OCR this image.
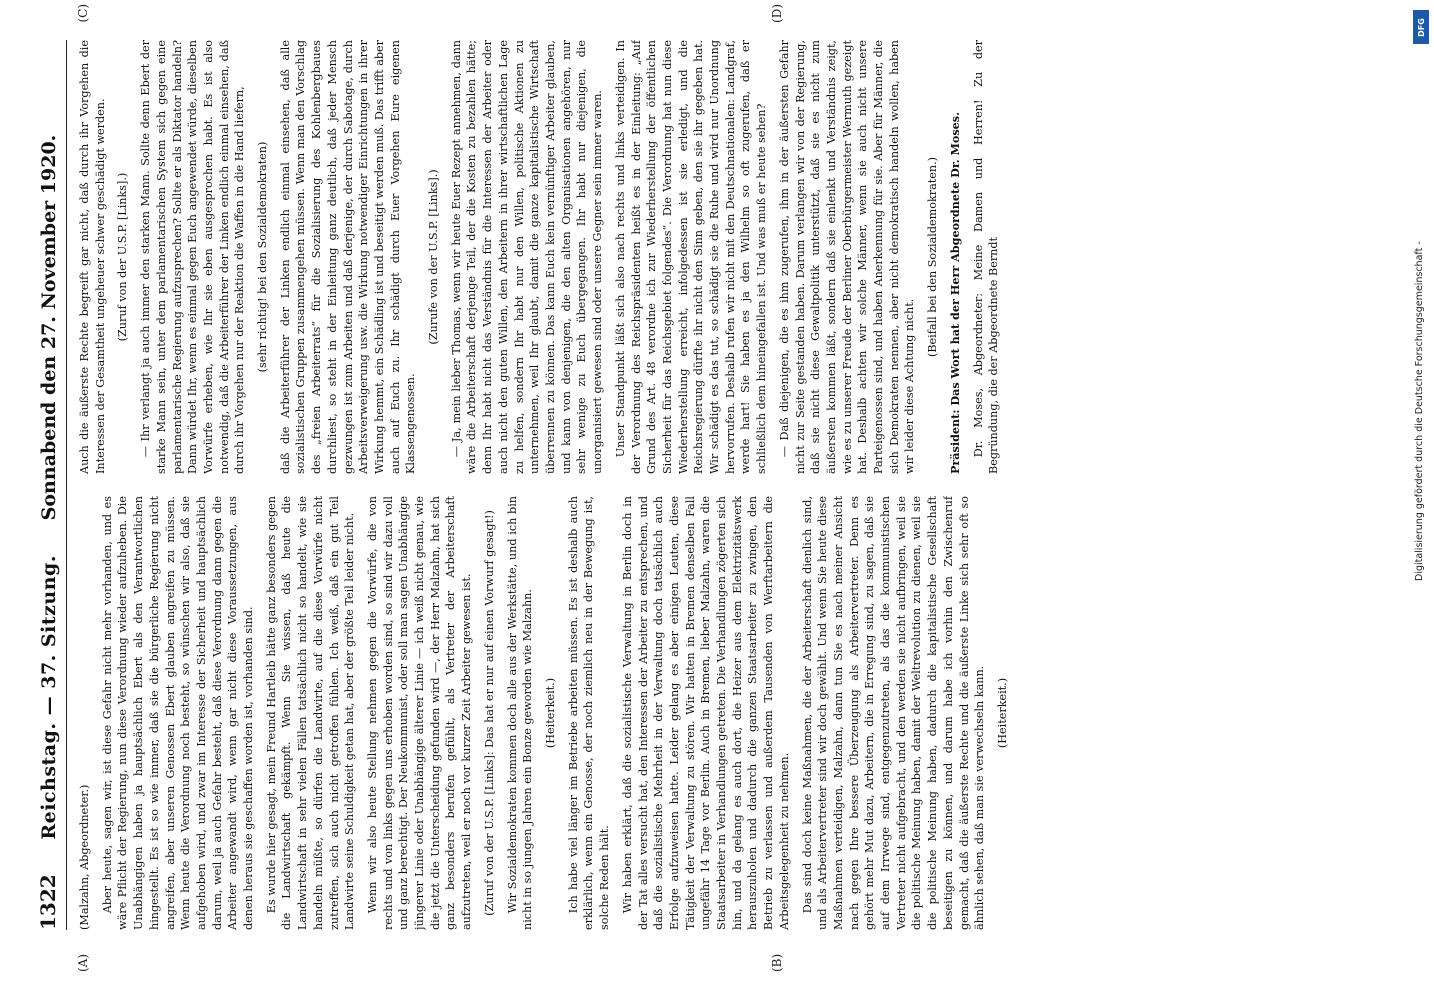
1322
Reichstag. — 37. Sitzung.
Sonnabend den 27. November 1920.
(A)	(B)
(C)	(D)

(Malzahn, Abgeordneter.) Aber heute, sagen wir, ist diese Gefahr nicht mehr vorhanden, und es wäre Pflicht der Regierung, nun diese Verordnung wieder aufzuheben. Die Unabhängigen haben ja hauptsächlich Ebert als den Verantwortlichen hingestellt. Es ist so wie immer, daß sie die bürgerliche Regierung nicht angreifen, aber unseren Genossen Ebert glauben angreifen zu müssen. Wenn heute die Verordnung noch besteht, so wünschen wir also, daß sie aufgehoben wird, und zwar im Interesse der Sicherheit und hauptsächlich darum, weil ja auch Gefahr besteht, daß diese Verordnung dann gegen die Arbeiter angewandt wird, wenn gar nicht diese Voraussetzungen, aus denen heraus sie geschaffen worden ist, vorhanden sind. Es wurde hier gesagt, mein Freund Hartleib hätte ganz besonders gegen die Landwirtschaft gekämpft. Wenn Sie wissen, daß heute die Landwirtschaft in sehr vielen Fällen tatsächlich nicht so handelt, wie sie handeln müßte, so dürfen die Landwirte, auf die diese Vorwürfe nicht zutreffen, sich auch nicht getroffen fühlen. Ich weiß, daß ein gut Teil Landwirte seine Schuldigkeit getan hat, aber der größte Teil leider nicht. Wenn wir also heute Stellung nehmen gegen die Vorwürfe, die von rechts und von links gegen uns erhoben worden sind, so sind wir dazu voll und ganz berechtigt. Der Neukommunist, oder soll man sagen Unabhängige jüngerer Linie oder Unabhängige älterer Linie — ich weiß nicht genau, wie die jetzt die Unterscheidung gefunden wird —, der Herr Malzahn, hat sich ganz besonders berufen gefühlt, als Vertreter der Arbeiterschaft aufzutreten, weil er noch vor kurzer Zeit Arbeiter gewesen ist. (Zuruf von der U.S.P. [Links]: Das hat er nur auf einen Vorwurf gesagt!) Wir Sozialdemokraten kommen doch alle aus der Werkstätte, und ich bin nicht in so jungen Jahren ein Bonze geworden wie Malzahn. (Heiterkeit.) Ich habe viel länger im Betriebe arbeiten müssen. Es ist deshalb auch erklärlich, wenn ein Genosse, der noch ziemlich neu in der Bewegung ist, solche Reden hält. Wir haben erklärt, daß die sozialistische Verwaltung in Berlin doch in der Tat alles versucht hat, den Interessen der Arbeiter zu entsprechen, und daß die sozialistische Mehrheit in der Verwaltung doch tatsächlich auch Erfolge aufzuweisen hatte. Leider gelang es aber einigen Leuten, diese Tätigkeit der Verwaltung zu stören. Wir hatten in Bremen denselben Fall ungefähr 14 Tage vor Berlin. Auch in Bremen, lieber Malzahn, waren die Staatsarbeiter in Verhandlungen getreten. Die Verhandlungen zögerten sich hin, und da gelang es auch dort, die Heizer aus dem Elektrizitätswerk herauszuholen und dadurch die ganzen Staatsarbeiter zu zwingen, den Betrieb zu verlassen und außerdem Tausenden von Werftarbeitern die Arbeitsgelegenheit zu nehmen. Das sind doch keine Maßnahmen, die der Arbeiterschaft dienlich sind, und als Arbeitervertreter sind wir doch gewählt. Und wenn Sie heute diese Maßnahmen verteidigen, Malzahn, dann tun Sie es nach meiner Ansicht nach gegen Ihre bessere Überzeugung als Arbeitervertreter. Denn es gehört mehr Mut dazu, Arbeitern, die in Erregung sind, zu sagen, daß sie auf dem Irrwege sind, entgegenzutreten, als das die kommunistischen Vertreter nicht aufgebracht, und den werden sie nicht aufbringen, weil sie die politische Meinung haben, damit der Weltrevolution zu dienen, weil sie die politische Meinung haben, dadurch die kapitalistische Gesellschaft beseitigen zu können, und darum habe ich vorhin den Zwischenruf gemacht, daß die äußerste Rechte und die äußerste Linke sich sehr oft so ähnlich sehen, daß man sie verwechseln kann. (Heiterkeit.)

Auch die äußerste Rechte begreift gar nicht, daß durch ihr Vorgehen die Interessen der Gesamtheit ungeheuer schwer geschädigt werden. (Zuruf von der U.S.P. [Links].) — Ihr verlangt ja auch immer den starken Mann. Sollte denn Ebert der starke Mann sein, unter dem parlamentarischen System sich gegen eine parlamentarische Regierung aufzusprechen? Sollte er als Diktator handeln? Dann würdet Ihr, wenn es einmal gegen Euch angewendet würde, dieselben Vorwürfe erheben, wie Ihr sie eben ausgesprochen habt. Es ist also notwendig, daß die Arbeiterführer der Linken endlich einmal einsehen, daß durch ihr Vorgehen nur der Reaktion die Waffen in die Hand liefern, (sehr richtig! bei den Sozialdemokraten) daß die Arbeiterführer der Linken endlich einmal einsehen, daß alle sozialistischen Gruppen zusammengehen müssen. Wenn man den Vorschlag des „freien Arbeiterrats“ für die Sozialisierung des Kohlenbergbaues durchliest, so steht in der Einleitung ganz deutlich, daß jeder Mensch gezwungen ist zum Arbeiten und daß derjenige, der durch Sabotage, durch Arbeitsverweigerung usw. die Wirkung notwendiger Einrichtungen in ihrer Wirkung hemmt, ein Schädling ist und beseitigt werden muß. Das trifft aber auch auf Euch zu. Ihr schädigt durch Euer Vorgehen Eure eigenen Klassengenossen.

(Zurufe von der U.S.P. [Links].) — Ja, mein lieber Thomas, wenn wir heute Euer Rezept annehmen, dann wäre die Arbeiterschaft derjenige Teil, der die Kosten zu bezahlen hätte; denn Ihr habt nicht das Verständnis für die Interessen der Arbeiter oder auch nicht den guten Willen, den Arbeitern in ihrer wirtschaftlichen Lage zu helfen, sondern Ihr habt nur den Willen, politische Aktionen zu unternehmen, weil Ihr glaubt, damit die ganze kapitalistische Wirtschaft überrennen zu können. Das kann Euch kein vernünftiger Arbeiter glauben, und kann von denjenigen, die den alten Organisationen angehören, nur sehr wenige zu Euch übergegangen. Ihr habt nur diejenigen, die unorganisiert gewesen sind oder unsere Gegner sein immer waren. Unser Standpunkt läßt sich also nach rechts und links verteidigen. In der Verordnung des Reichspräsidenten heißt es in der Einleitung: „Auf Grund des Art. 48 verordne ich zur Wiederherstellung der öffentlichen Sicherheit für das Reichsgebiet folgendes“. Die Verordnung hat nun diese Wiederherstellung erreicht, infolgedessen ist sie erledigt, und die Reichsregierung dürfte ihr nicht den Sinn geben, den sie ihr gegeben hat. Wir schädigt es das tut, so schädigt sie die Ruhe und wird nur Unordnung hervorrufen. Deshalb rufen wir nicht mit den Deutschnationalen: Landgraf, werde hart! Sie haben es ja den Wilhelm so oft zugerufen, daß er schließlich dem hineingefallen ist. Und was muß er heute sehen? — Daß diejenigen, die es ihm zugerufen, ihm in der äußersten Gefahr nicht zur Seite gestanden haben. Darum verlangen wir von der Regierung, daß sie nicht diese Gewaltpolitik unterstützt, daß sie es nicht zum äußersten kommen läßt, sondern daß sie einlenkt und Verständnis zeigt, wie es zu unserer Freude der Berliner Oberbürgermeister Wermuth gezeigt hat. Deshalb achten wir solche Männer, wenn sie auch nicht unsere Parteigenossen sind, und haben Anerkennung für sie. Aber für Männer, die sich Demokraten nennen, aber nicht demokratisch handeln wollen, haben wir leider diese Achtung nicht.

(Beifall bei den Sozialdemokraten.) Präsident: Das Wort hat der Herr Abgeordnete Dr. Moses. Dr. Moses, Abgeordneter: Meine Damen und Herren! Zu der Begründung, die der Abgeordnete Berndt

DFG
Digitalisierung gefördert durch die Deutsche Forschungsgemeinschaft -
